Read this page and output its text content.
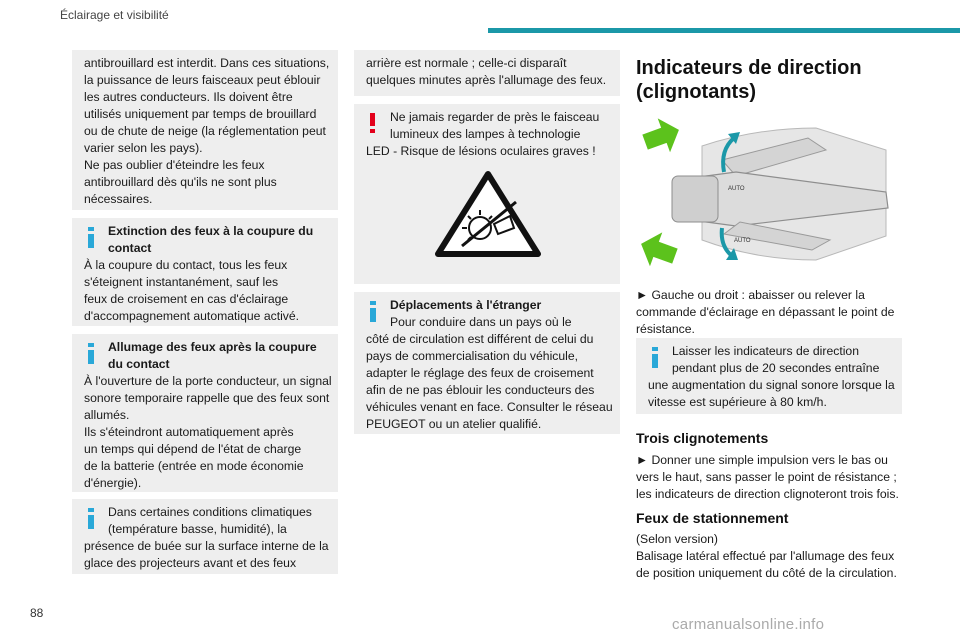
Éclairage et visibilité

antibrouillard est interdit. Dans ces situations,

la puissance de leurs faisceaux peut éblouir

les autres conducteurs. Ils doivent être

utilisés uniquement par temps de brouillard

ou de chute de neige (la réglementation peut

varier selon les pays).

Ne pas oublier d'éteindre les feux

antibrouillard dès qu'ils ne sont plus

nécessaires.

Extinction des feux à la coupure du

contact

À la coupure du contact, tous les feux

s'éteignent instantanément, sauf les

feux de croisement en cas d'éclairage

d'accompagnement automatique activé.

Allumage des feux après la coupure

du contact

À l'ouverture de la porte conducteur, un signal

sonore temporaire rappelle que des feux sont

allumés.

Ils s'éteindront automatiquement après

un temps qui dépend de l'état de charge

de la batterie (entrée en mode économie

d'énergie).

Dans certaines conditions climatiques

(température basse, humidité), la

présence de buée sur la surface interne de la

glace des projecteurs avant et des feux

arrière est normale ; celle-ci disparaît

quelques minutes après l'allumage des feux.

Ne jamais regarder de près le faisceau

lumineux des lampes à technologie

LED - Risque de lésions oculaires graves !

Déplacements à l'étranger

Pour conduire dans un pays où le

côté de circulation est différent de celui du

pays de commercialisation du véhicule,

adapter le réglage des feux de croisement

afin de ne pas éblouir les conducteurs des

véhicules venant en face. Consulter le réseau

PEUGEOT ou un atelier qualifié.

Indicateurs de direction
(clignotants)
AUTO
AUTO

► Gauche ou droit : abaisser ou relever la

commande d'éclairage en dépassant le point de

résistance.

Laisser les indicateurs de direction

pendant plus de 20 secondes entraîne

une augmentation du signal sonore lorsque la

vitesse est supérieure à 80 km/h.

Trois clignotements

► Donner une simple impulsion vers le bas ou

vers le haut, sans passer le point de résistance ;

les indicateurs de direction clignoteront trois fois.

Feux de stationnement

(Selon version)

Balisage latéral effectué par l'allumage des feux

de position uniquement du côté de la circulation.

88
carmanualsonline.info
